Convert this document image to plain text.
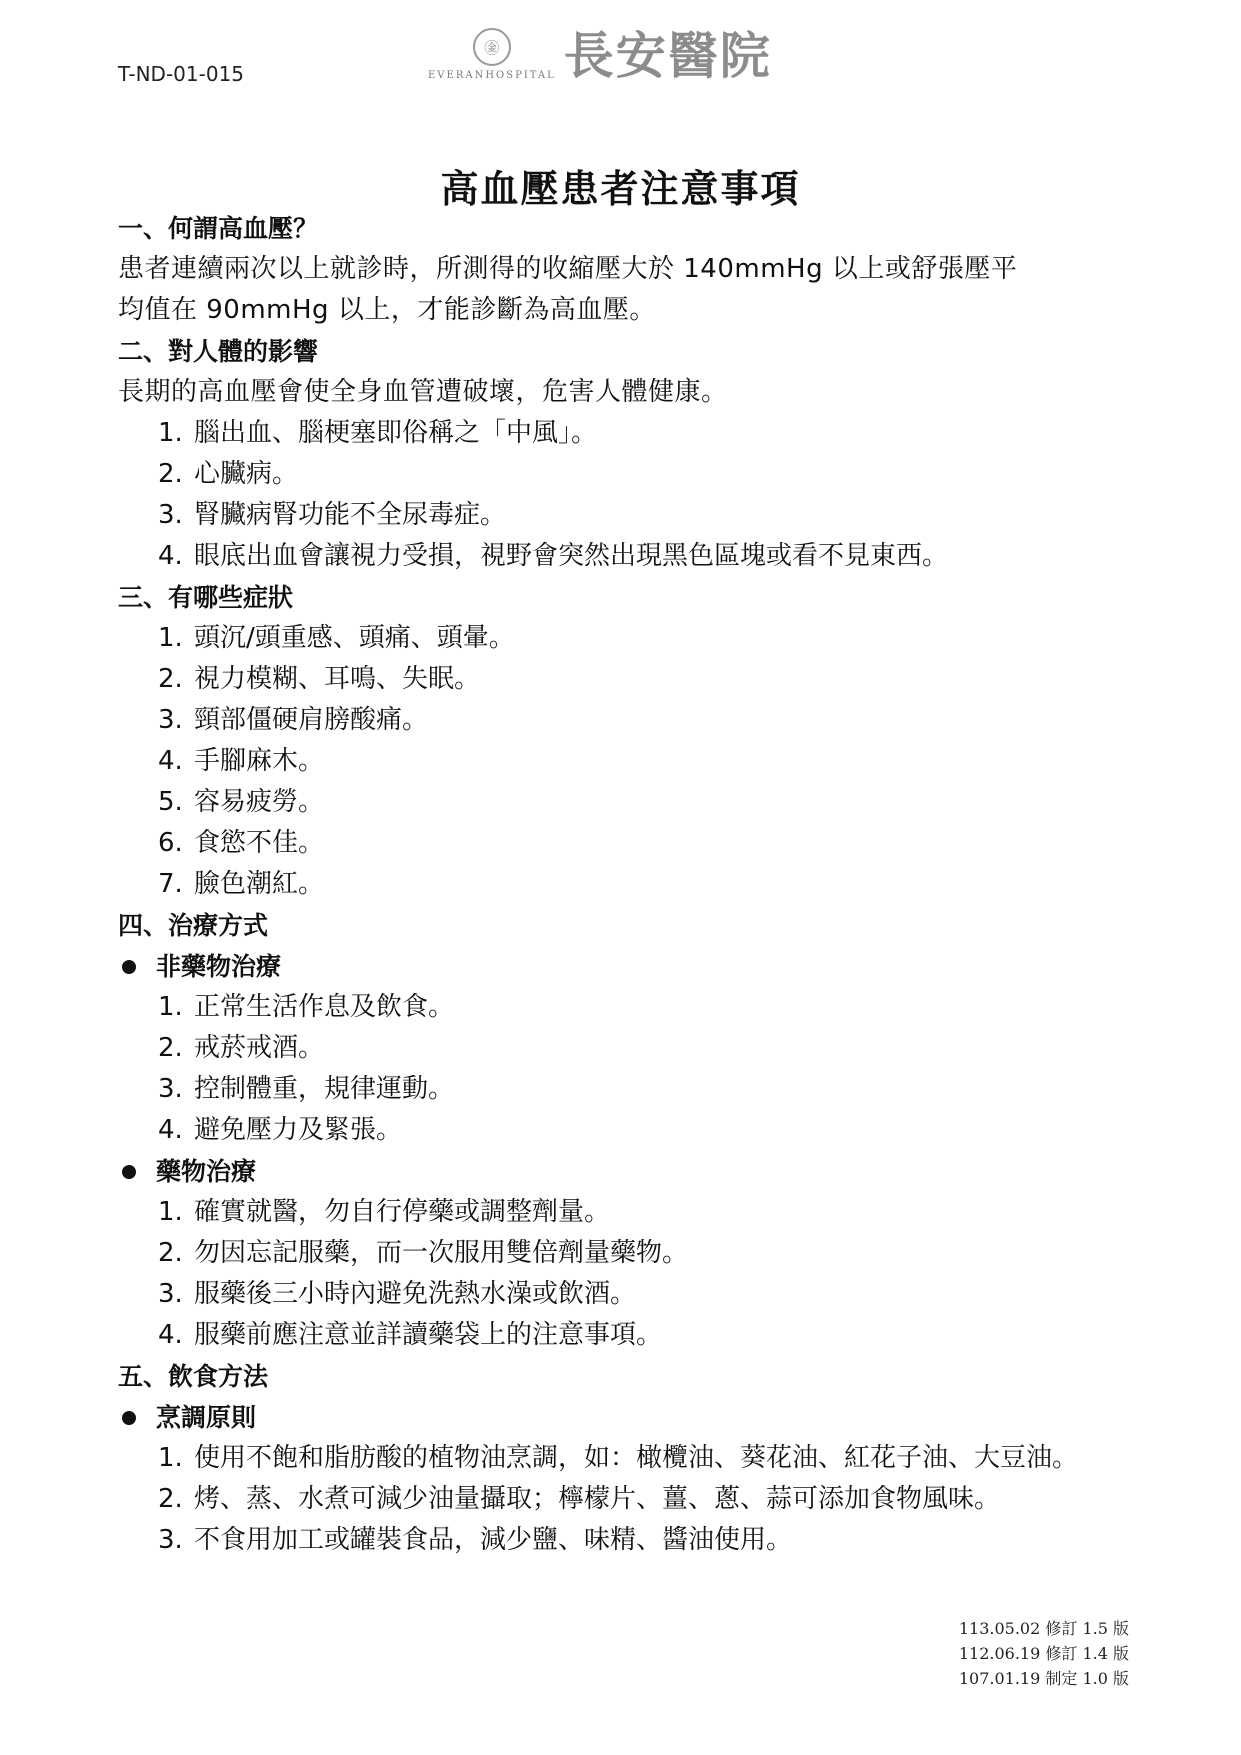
T-ND-01-015
㊎
EVERANHOSPITAL 長安醫院
高血壓患者注意事項
一、何謂高血壓？
患者連續兩次以上就診時，所測得的收縮壓大於 140mmHg 以上或舒張壓平
均值在 90mmHg 以上，才能診斷為高血壓。
二、對人體的影響
長期的高血壓會使全身血管遭破壞，危害人體健康。
1. 腦出血、腦梗塞即俗稱之「中風」。
2. 心臟病。
3. 腎臟病腎功能不全尿毒症。
4. 眼底出血會讓視力受損，視野會突然出現黑色區塊或看不見東西。
三、有哪些症狀
1. 頭沉/頭重感、頭痛、頭暈。
2. 視力模糊、耳鳴、失眠。
3. 頸部僵硬肩膀酸痛。
4. 手腳麻木。
5. 容易疲勞。
6. 食慾不佳。
7. 臉色潮紅。
四、治療方式
非藥物治療
1. 正常生活作息及飲食。
2. 戒菸戒酒。
3. 控制體重，規律運動。
4. 避免壓力及緊張。
藥物治療
1. 確實就醫，勿自行停藥或調整劑量。
2. 勿因忘記服藥，而一次服用雙倍劑量藥物。
3. 服藥後三小時內避免洗熱水澡或飲酒。
4. 服藥前應注意並詳讀藥袋上的注意事項。
五、飲食方法
烹調原則
1. 使用不飽和脂肪酸的植物油烹調，如：橄欖油、葵花油、紅花子油、大豆油。
2. 烤、蒸、水煮可減少油量攝取；檸檬片、薑、蔥、蒜可添加食物風味。
3. 不食用加工或罐裝食品，減少鹽、味精、醬油使用。
113.05.02 修訂 1.5 版
112.06.19 修訂 1.4 版
107.01.19 制定 1.0 版
